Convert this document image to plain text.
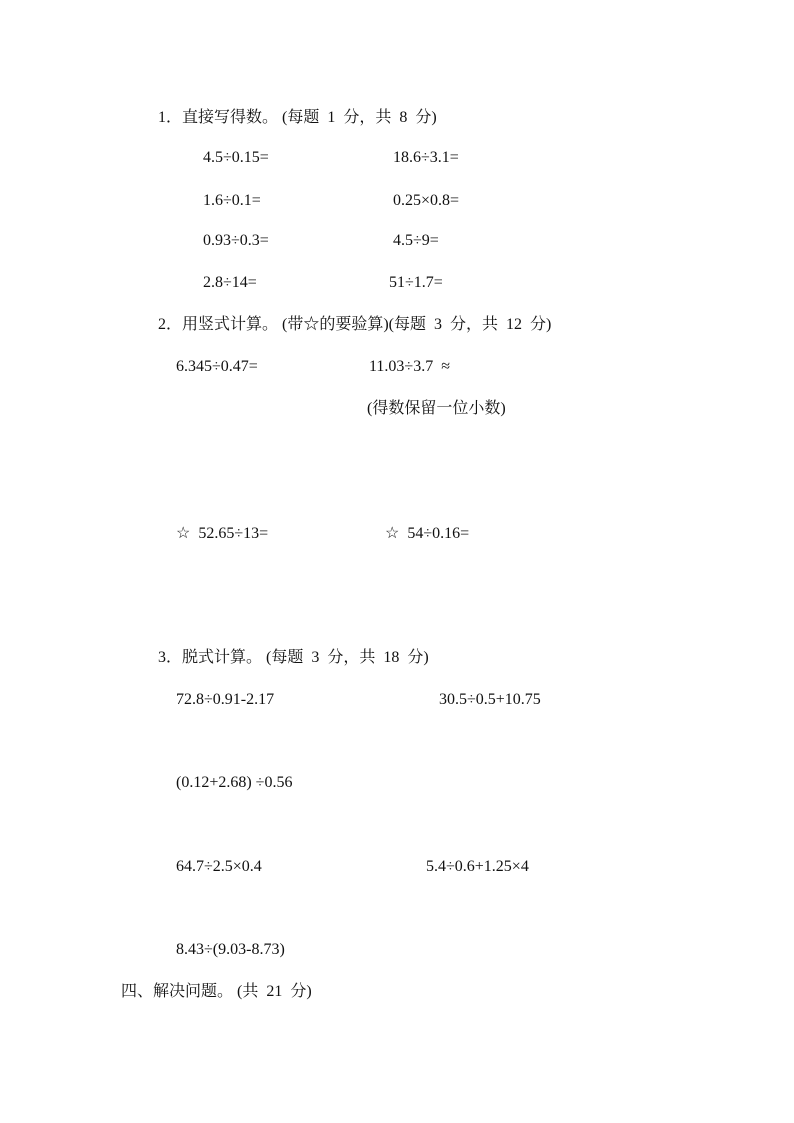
1．直接写得数。 (每题  1  分，共  8  分)
4.5÷0.15=	18.6÷3.1=
1.6÷0.1=	0.25×0.8=
0.93÷0.3=	4.5÷9=
2.8÷14=	51÷1.7=
2．用竖式计算。 (带☆的要验算)(每题  3  分，共  12  分)
6.345÷0.47=	11.03÷3.7  ≈
(得数保留一位小数)
☆  52.65÷13=	☆  54÷0.16=
3．脱式计算。 (每题  3  分，共  18  分)
72.8÷0.91-2.17	30.5÷0.5+10.75
(0.12+2.68) ÷0.56
64.7÷2.5×0.4	5.4÷0.6+1.25×4
8.43÷(9.03-8.73)
四、解决问题。 (共  21  分)
